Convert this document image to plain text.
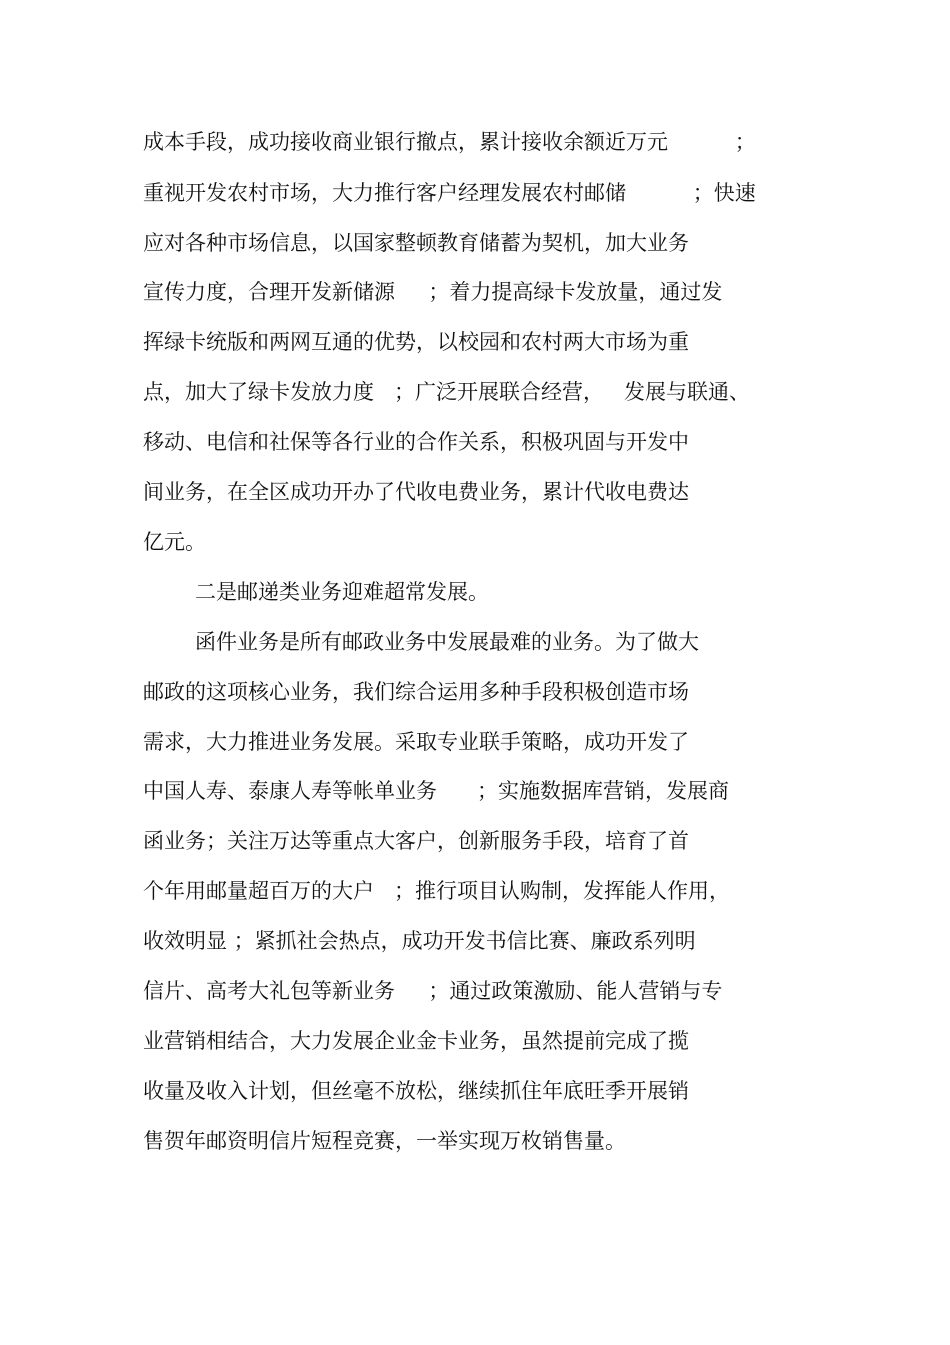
成本手段，成功接收商业银行撤点，累计接收余额近万元          ；
重视开发农村市场，大力推行客户经理发展农村邮储          ；快速
应对各种市场信息，以国家整顿教育储蓄为契机，加大业务
宣传力度，合理开发新储源     ；着力提高绿卡发放量，通过发
挥绿卡统版和两网互通的优势，以校园和农村两大市场为重
点，加大了绿卡发放力度   ；广泛开展联合经营，   发展与联通、
移动、电信和社保等各行业的合作关系，积极巩固与开发中
间业务，在全区成功开办了代收电费业务，累计代收电费达
亿元。
二是邮递类业务迎难超常发展。
函件业务是所有邮政业务中发展最难的业务。为了做大
邮政的这项核心业务，我们综合运用多种手段积极创造市场
需求，大力推进业务发展。采取专业联手策略，成功开发了
中国人寿、泰康人寿等帐单业务      ；实施数据库营销，发展商
函业务；关注万达等重点大客户，创新服务手段，培育了首
个年用邮量超百万的大户   ；推行项目认购制，发挥能人作用，
收效明显 ；紧抓社会热点，成功开发书信比赛、廉政系列明
信片、高考大礼包等新业务     ；通过政策激励、能人营销与专
业营销相结合，大力发展企业金卡业务，虽然提前完成了揽
收量及收入计划，但丝毫不放松，继续抓住年底旺季开展销
售贺年邮资明信片短程竞赛，一举实现万枚销售量。
